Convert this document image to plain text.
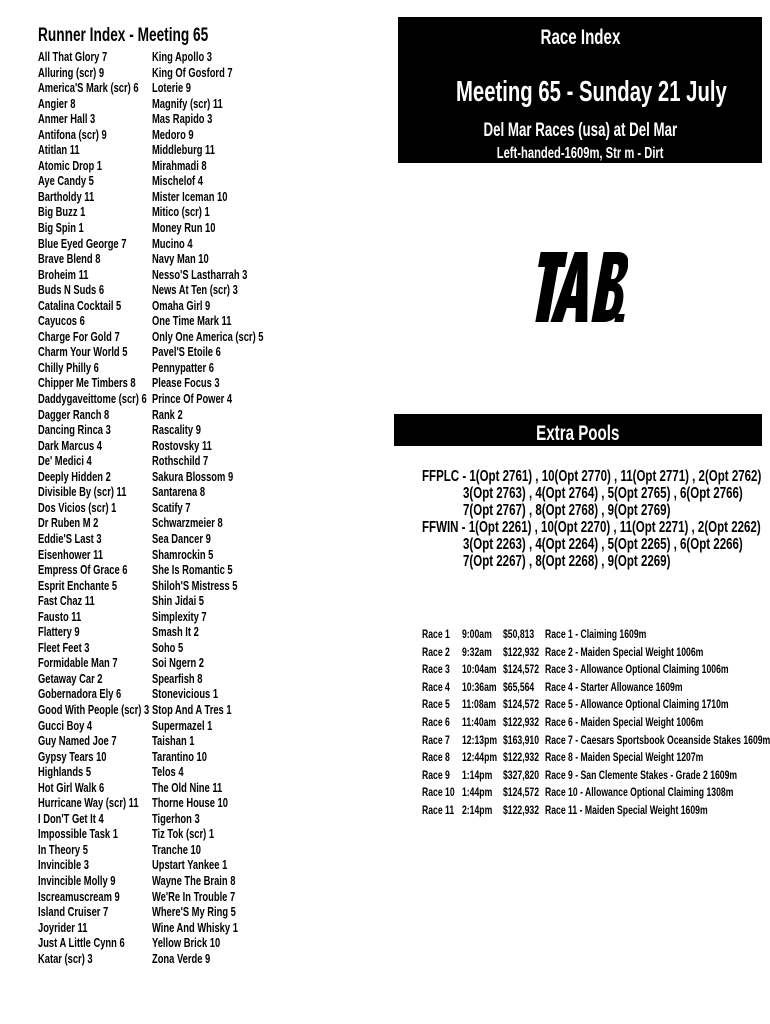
Runner Index - Meeting 65
All That Glory 7
Alluring (scr) 9
America'S Mark (scr) 6
Angier 8
Anmer Hall 3
Antifona (scr) 9
Atitlan 11
Atomic Drop 1
Aye Candy 5
Bartholdy 11
Big Buzz 1
Big Spin 1
Blue Eyed George 7
Brave Blend 8
Broheim 11
Buds N Suds 6
Catalina Cocktail 5
Cayucos 6
Charge For Gold 7
Charm Your World 5
Chilly Philly 6
Chipper Me Timbers 8
Daddygaveittome (scr) 6
Dagger Ranch 8
Dancing Rinca 3
Dark Marcus 4
De' Medici 4
Deeply Hidden 2
Divisible By (scr) 11
Dos Vicios (scr) 1
Dr Ruben M 2
Eddie'S Last 3
Eisenhower 11
Empress Of Grace 6
Esprit Enchante 5
Fast Chaz 11
Fausto 11
Flattery 9
Fleet Feet 3
Formidable Man 7
Getaway Car 2
Gobernadora Ely 6
Good With People (scr) 3
Gucci Boy 4
Guy Named Joe 7
Gypsy Tears 10
Highlands 5
Hot Girl Walk 6
Hurricane Way (scr) 11
I Don'T Get It 4
Impossible Task 1
In Theory 5
Invincible 3
Invincible Molly 9
Iscreamuscream 9
Island Cruiser 7
Joyrider 11
Just A Little Cynn 6
Katar (scr) 3
King Apollo 3
King Of Gosford 7
Loterie 9
Magnify (scr) 11
Mas Rapido 3
Medoro 9
Middleburg 11
Mirahmadi 8
Mischelof 4
Mister Iceman 10
Mitico (scr) 1
Money Run 10
Mucino 4
Navy Man 10
Nesso'S Lastharrah 3
News At Ten (scr) 3
Omaha Girl 9
One Time Mark 11
Only One America (scr) 5
Pavel'S Etoile 6
Pennypatter 6
Please Focus 3
Prince Of Power 4
Rank 2
Rascality 9
Rostovsky 11
Rothschild 7
Sakura Blossom 9
Santarena 8
Scatify 7
Schwarzmeier 8
Sea Dancer 9
Shamrockin 5
She Is Romantic 5
Shiloh'S Mistress 5
Shin Jidai 5
Simplexity 7
Smash It 2
Soho 5
Soi Ngern 2
Spearfish 8
Stonevicious 1
Stop And A Tres 1
Supermazel 1
Taishan 1
Tarantino 10
Telos 4
The Old Nine 11
Thorne House 10
Tigerhon 3
Tiz Tok (scr) 1
Tranche 10
Upstart Yankee 1
Wayne The Brain 8
We'Re In Trouble 7
Where'S My Ring 5
Wine And Whisky 1
Yellow Brick 10
Zona Verde 9
Race Index
Meeting 65 - Sunday 21 July
Del Mar Races (usa) at Del Mar
Left-handed-1609m, Str m - Dirt
Extra Pools
FFPLC - 1(Opt 2761) , 10(Opt 2770) , 11(Opt 2771) , 2(Opt 2762)
3(Opt 2763) , 4(Opt 2764) , 5(Opt 2765) , 6(Opt 2766)
7(Opt 2767) , 8(Opt 2768) , 9(Opt 2769)
FFWIN - 1(Opt 2261) , 10(Opt 2270) , 11(Opt 2271) , 2(Opt 2262)
3(Opt 2263) , 4(Opt 2264) , 5(Opt 2265) , 6(Opt 2266)
7(Opt 2267) , 8(Opt 2268) , 9(Opt 2269)
Race 1 9:00am $50,813 Race 1 - Claiming 1609m
Race 2 9:32am $122,932 Race 2 - Maiden Special Weight 1006m
Race 3 10:04am $124,572 Race 3 - Allowance Optional Claiming 1006m
Race 4 10:36am $65,564 Race 4 - Starter Allowance 1609m
Race 5 11:08am $124,572 Race 5 - Allowance Optional Claiming 1710m
Race 6 11:40am $122,932 Race 6 - Maiden Special Weight 1006m
Race 7 12:13pm $163,910 Race 7 - Caesars Sportsbook Oceanside Stakes 1609m
Race 8 12:44pm $122,932 Race 8 - Maiden Special Weight 1207m
Race 9 1:14pm $327,820 Race 9 - San Clemente Stakes - Grade 2 1609m
Race 10 1:44pm $124,572 Race 10 - Allowance Optional Claiming 1308m
Race 11 2:14pm $122,932 Race 11 - Maiden Special Weight 1609m
